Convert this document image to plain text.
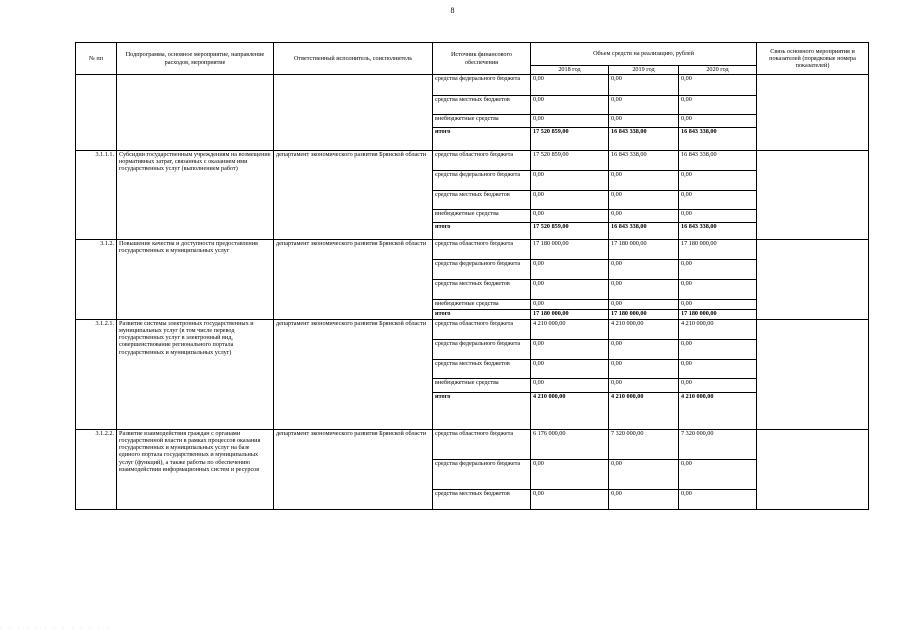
8
№ пп	Подпрограмма, основное мероприятие, направление расходов, мероприятие	Ответственный исполнитель, соисполнитель	Источник финансового обеспечения	Объем средств на реализацию, рублей			Связь основного мероприятия и показателей (порядковые номера показателей)
				2018 год	2019 год	2020 год	
			средства федерального бюджета	0,00	0,00	0,00	
			средства местных бюджетов	0,00	0,00	0,00	
			внебюджетные средства	0,00	0,00	0,00	
			итого	17 520 859,00	16 843 338,00	16 843 338,00	
3.1.1.1.	Субсидии государственным учреждениям на возмещение нормативных затрат, связанных с оказанием ими государственных услуг (выполнением работ)	департамент экономического развития Брянской области	средства областного бюджета	17 520 859,00	16 843 338,00	16 843 338,00	
			средства федерального бюджета	0,00	0,00	0,00	
			средства местных бюджетов	0,00	0,00	0,00	
			внебюджетные средства	0,00	0,00	0,00	
			итого	17 520 859,00	16 843 338,00	16 843 338,00	
3.1.2.	Повышение качества и доступности предоставления государственных и муниципальных услуг	департамент экономического развития Брянской области	средства областного бюджета	17 180 000,00	17 180 000,00	17 180 000,00	
			средства федерального бюджета	0,00	0,00	0,00	
			средства местных бюджетов	0,00	0,00	0,00	
			внебюджетные средства	0,00	0,00	0,00	
			итого	17 180 000,00	17 180 000,00	17 180 000,00	
3.1.2.1.	Развитие системы электронных государственных и муниципальных услуг (в том числе перевод государственных услуг в электронный вид, совершенствование регионального портала государственных и муниципальных услуг)	департамент экономического развития Брянской области	средства областного бюджета	4 210 000,00	4 210 000,00	4 210 000,00	
			средства федерального бюджета	0,00	0,00	0,00	
			средства местных бюджетов	0,00	0,00	0,00	
			внебюджетные средства	0,00	0,00	0,00	
			итого	4 210 000,00	4 210 000,00	4 210 000,00	
3.1.2.2.	Развитие взаимодействия граждан с органами государственной власти в рамках процессов оказания государственных и муниципальных услуг на базе единого портала государственных и муниципальных услуг (функций), а также работы по обеспечению взаимодействия информационных систем и ресурсов	департамент экономического развития Брянской области	средства областного бюджета	6 176 000,00	7 320 000,00	7 320 000,00	
			средства федерального бюджета	0,00	0,00	0,00	
			средства местных бюджетов	0,00	0,00	0,00	
· · · · · · · · · · · · ·
